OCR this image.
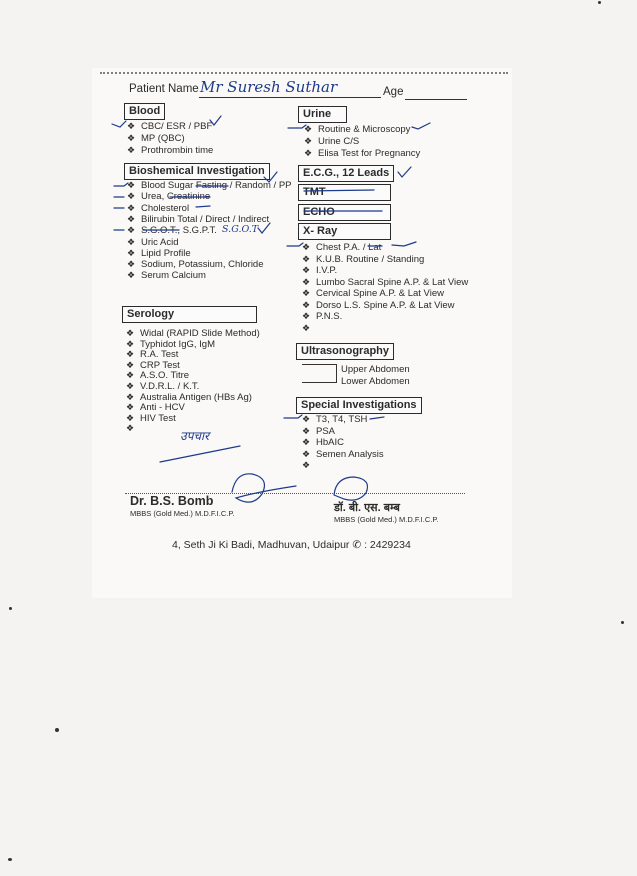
Patient Name Mr Suresh Suthar	Age
Blood
❖ CBC/ ESR / PBF
❖ MP (QBC)
❖ Prothrombin time
Bioshemical Investigation
❖ Blood Sugar Fasting / Random / PP
❖ Urea, Creatinine
❖ Cholesterol
❖ Bilirubin Total / Direct / Indirect
❖ S.G.O.T., S.G.P.T.
❖ Uric Acid
❖ Lipid Profile
❖ Sodium, Potassium, Chloride
❖ Serum Calcium
S.G.O.T
Serology
❖ Widal (RAPID Slide Method)
❖ Typhidot IgG, IgM
❖ R.A. Test
❖ CRP Test
❖ A.S.O. Titre
❖ V.D.R.L. / K.T.
❖ Australia Antigen (HBs Ag)
❖ Anti - HCV
❖ HIV Test
❖
उपचार
Urine
❖ Routine & Microscopy
❖ Urine C/S
❖ Elisa Test for Pregnancy
E.C.G., 12 Leads
TMT
ECHO
X- Ray
❖ Chest P.A. / Lat
❖ K.U.B. Routine / Standing
❖ I.V.P.
❖ Lumbo Sacral Spine A.P. & Lat View
❖ Cervical Spine A.P. & Lat View
❖ Dorso L.S. Spine A.P. & Lat View
❖ P.N.S.
❖
Ultrasonography
Upper Abdomen
Lower Abdomen
Special Investigations
❖ T3, T4, TSH
❖ PSA
❖ HbAIC
❖ Semen Analysis
❖
Dr. B.S. Bomb
MBBS (Gold Med.) M.D.F.I.C.P.	डॉ. बी. एस. बम्ब
MBBS (Gold Med.) M.D.F.I.C.P.
4, Seth Ji Ki Badi, Madhuvan, Udaipur ✆ : 2429234
